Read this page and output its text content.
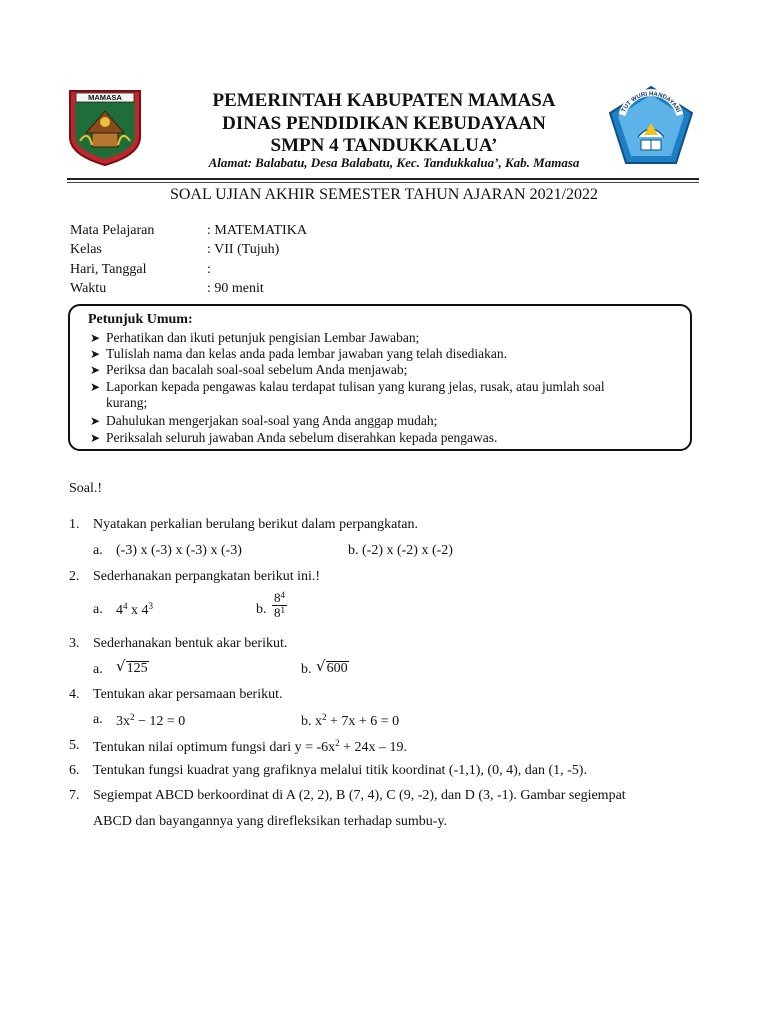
MAMASA
TUT WURI HANDAYANI
PEMERINTAH KABUPATEN MAMASA
DINAS PENDIDIKAN KEBUDAYAAN
SMPN 4 TANDUKKALUA’
Alamat: Balabatu, Desa Balabatu, Kec. Tandukkalua’, Kab. Mamasa
SOAL UJIAN AKHIR SEMESTER TAHUN AJARAN 2021/2022
Mata Pelajaran	: MATEMATIKA
Kelas	: VII (Tujuh)
Hari, Tanggal	:
Waktu	: 90 menit
Petunjuk Umum:
➤ Perhatikan dan ikuti petunjuk pengisian Lembar Jawaban;
➤ Tulislah nama dan kelas anda pada lembar jawaban yang telah disediakan.
➤ Periksa dan bacalah soal-soal sebelum Anda menjawab;
➤ Laporkan kepada pengawas kalau terdapat tulisan yang kurang jelas, rusak, atau jumlah soal
kurang;
➤ Dahulukan mengerjakan soal-soal yang Anda anggap mudah;
➤ Periksalah seluruh jawaban Anda sebelum diserahkan kepada pengawas.
Soal.!
1. Nyatakan perkalian berulang berikut dalam perpangkatan.
a. (-3) x (-3) x (-3) x (-3)	b. (-2) x (-2) x (-2)
2. Sederhanakan perpangkatan berikut ini.!
a. $4^4$ x $4^3$	b. $\frac{8^4}{8^1}$
3. Sederhanakan bentuk akar berikut.
a. √ 125	b. √ 600
4. Tentukan akar persamaan berikut.
a. $3x^2 - 12 = 0$	b. $x^2 + 7x + 6 = 0$
5. Tentukan nilai optimum fungsi dari $y = -6x^2 + 24x - 19$.
6. Tentukan fungsi kuadrat yang grafiknya melalui titik koordinat (-1,1), (0, 4), dan (1, -5).
7. Segiempat ABCD berkoordinat di A (2, 2), B (7, 4), C (9, -2), dan D (3, -1). Gambar segiempat
ABCD dan bayangannya yang direfleksikan terhadap sumbu-y.
